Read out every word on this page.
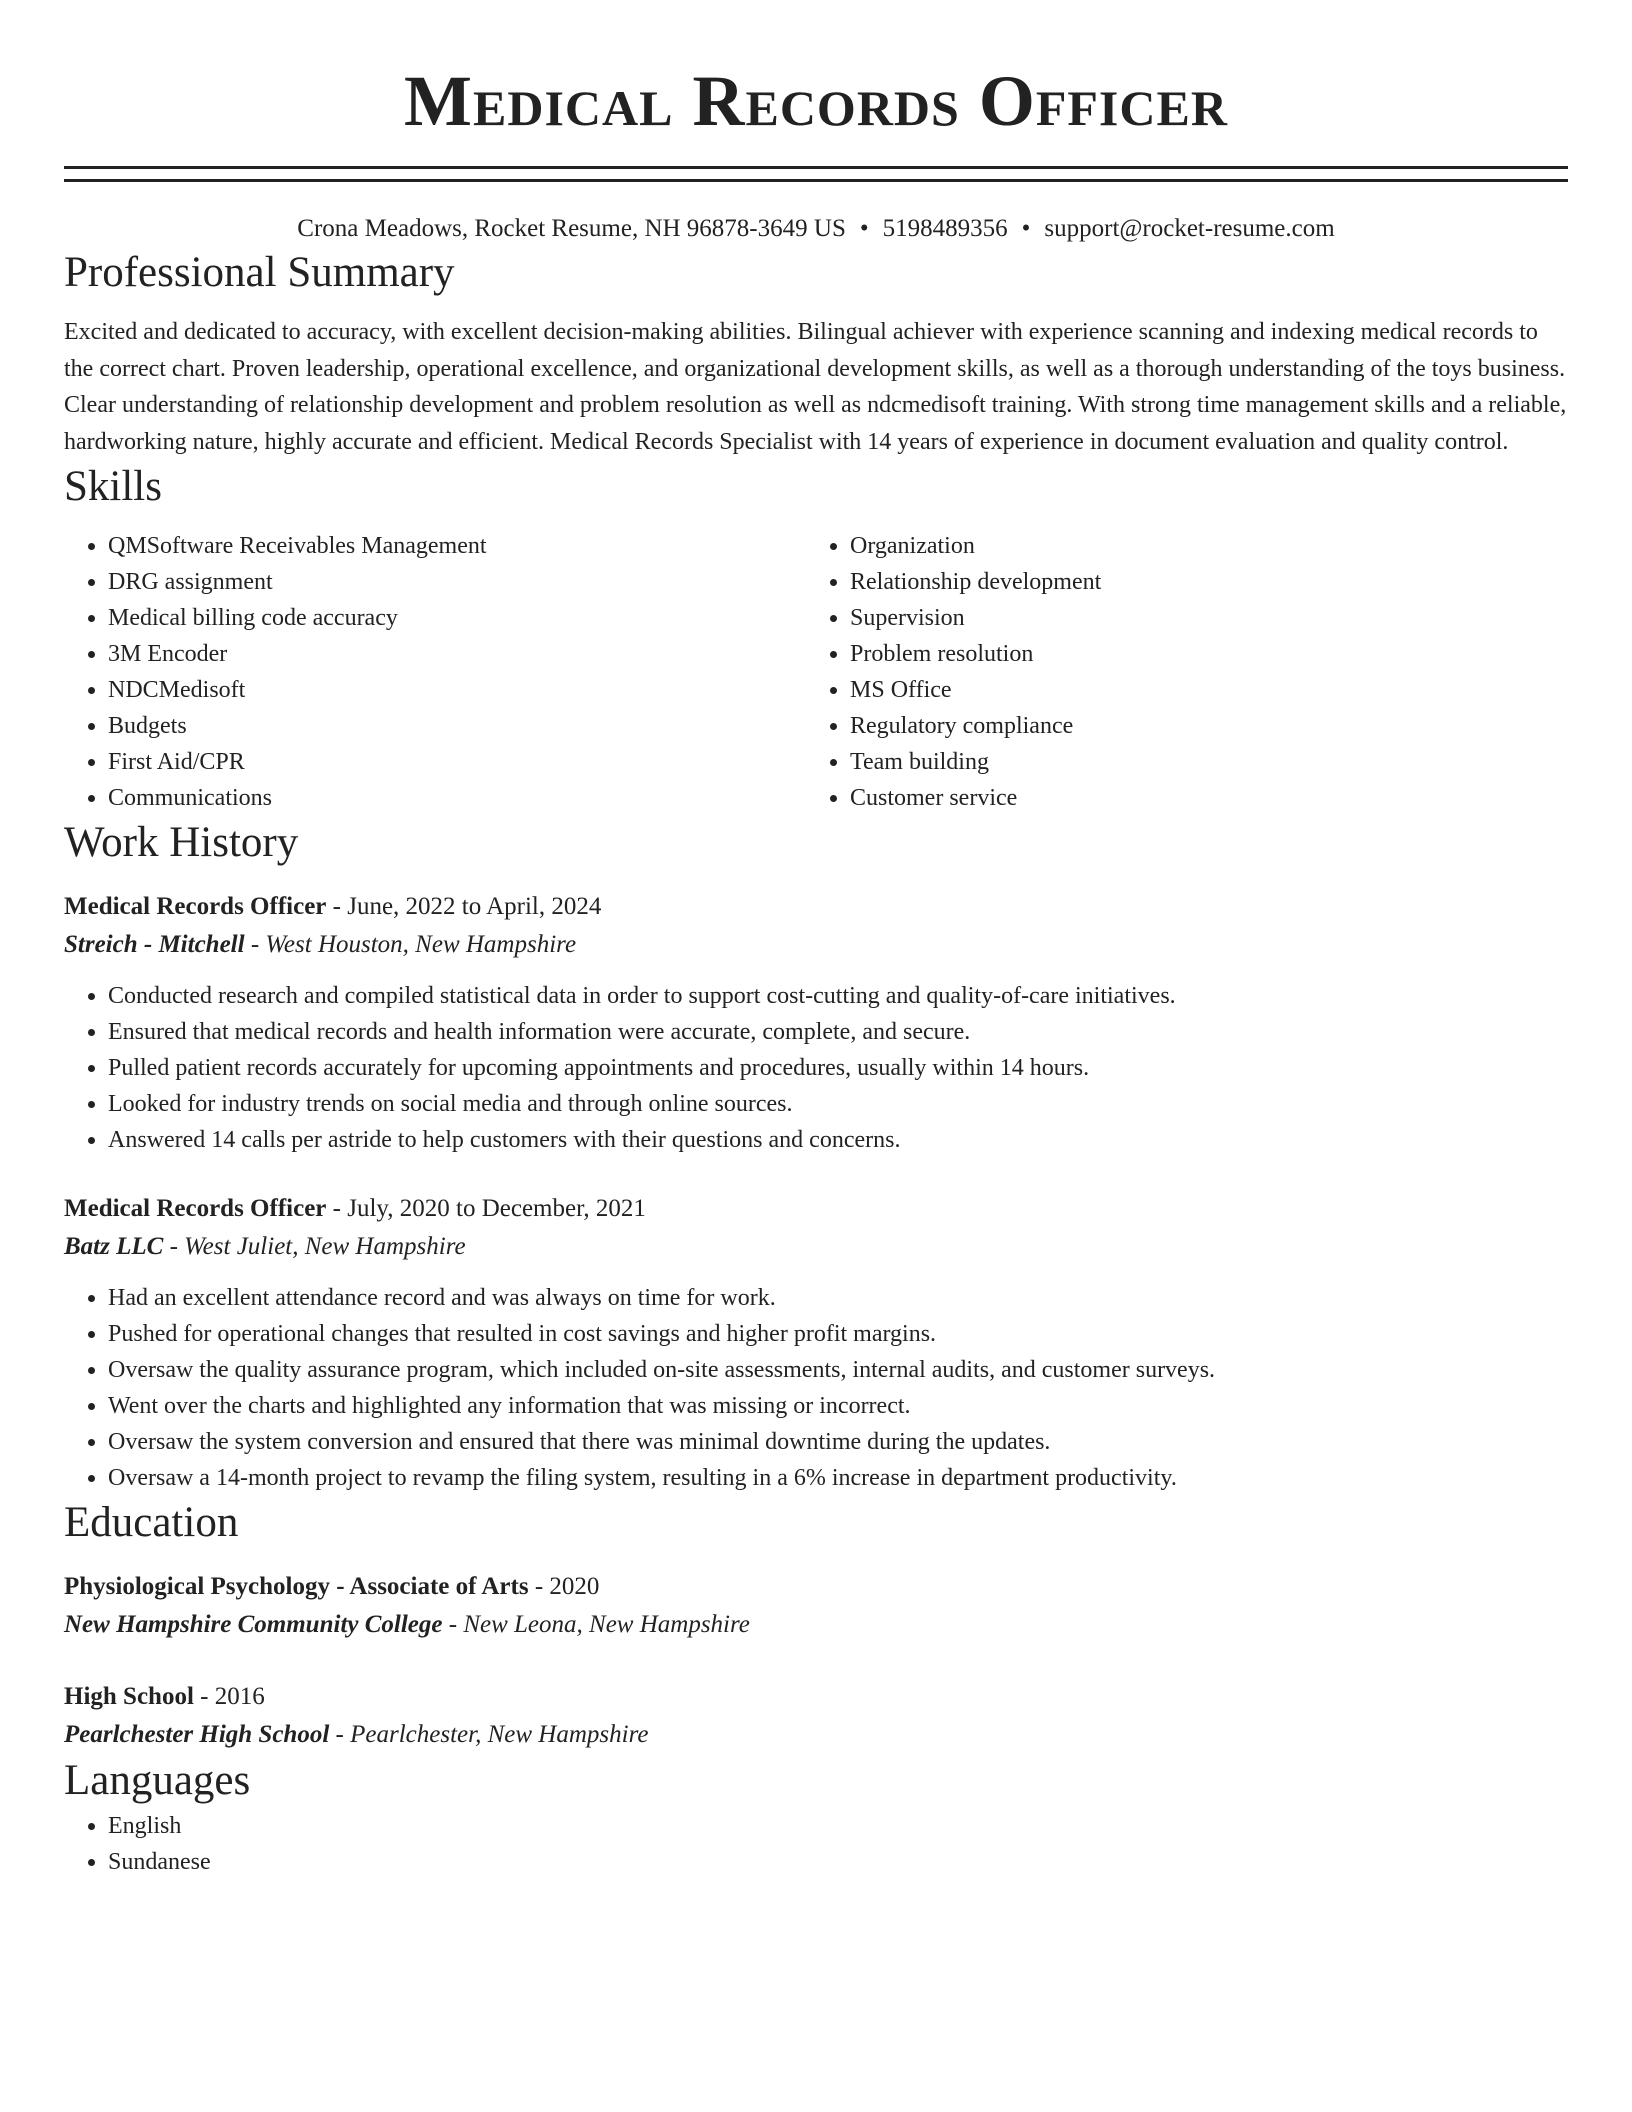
Medical Records Officer
Crona Meadows, Rocket Resume, NH 96878-3649 US • 5198489356 • support@rocket-resume.com
Professional Summary

Excited and dedicated to accuracy, with excellent decision-making abilities. Bilingual achiever with experience scanning and indexing medical records to the correct chart. Proven leadership, operational excellence, and organizational development skills, as well as a thorough understanding of the toys business. Clear understanding of relationship development and problem resolution as well as ndcmedisoft training. With strong time management skills and a reliable, hardworking nature, highly accurate and efficient. Medical Records Specialist with 14 years of experience in document evaluation and quality control.

Skills
• QMSoftware Receivables Management
• DRG assignment
• Medical billing code accuracy
• 3M Encoder
• NDCMedisoft
• Budgets
• First Aid/CPR
• Communications
• Organization
• Relationship development
• Supervision
• Problem resolution
• MS Office
• Regulatory compliance
• Team building
• Customer service
Work History
Medical Records Officer - June, 2022 to April, 2024
Streich - Mitchell - West Houston, New Hampshire
• Conducted research and compiled statistical data in order to support cost-cutting and quality-of-care initiatives.
• Ensured that medical records and health information were accurate, complete, and secure.
• Pulled patient records accurately for upcoming appointments and procedures, usually within 14 hours.
• Looked for industry trends on social media and through online sources.
• Answered 14 calls per astride to help customers with their questions and concerns.
Medical Records Officer - July, 2020 to December, 2021
Batz LLC - West Juliet, New Hampshire
• Had an excellent attendance record and was always on time for work.
• Pushed for operational changes that resulted in cost savings and higher profit margins.
• Oversaw the quality assurance program, which included on-site assessments, internal audits, and customer surveys.
• Went over the charts and highlighted any information that was missing or incorrect.
• Oversaw the system conversion and ensured that there was minimal downtime during the updates.
• Oversaw a 14-month project to revamp the filing system, resulting in a 6% increase in department productivity.
Education
Physiological Psychology - Associate of Arts - 2020
New Hampshire Community College - New Leona, New Hampshire
High School - 2016
Pearlchester High School - Pearlchester, New Hampshire
Languages
• English
• Sundanese
